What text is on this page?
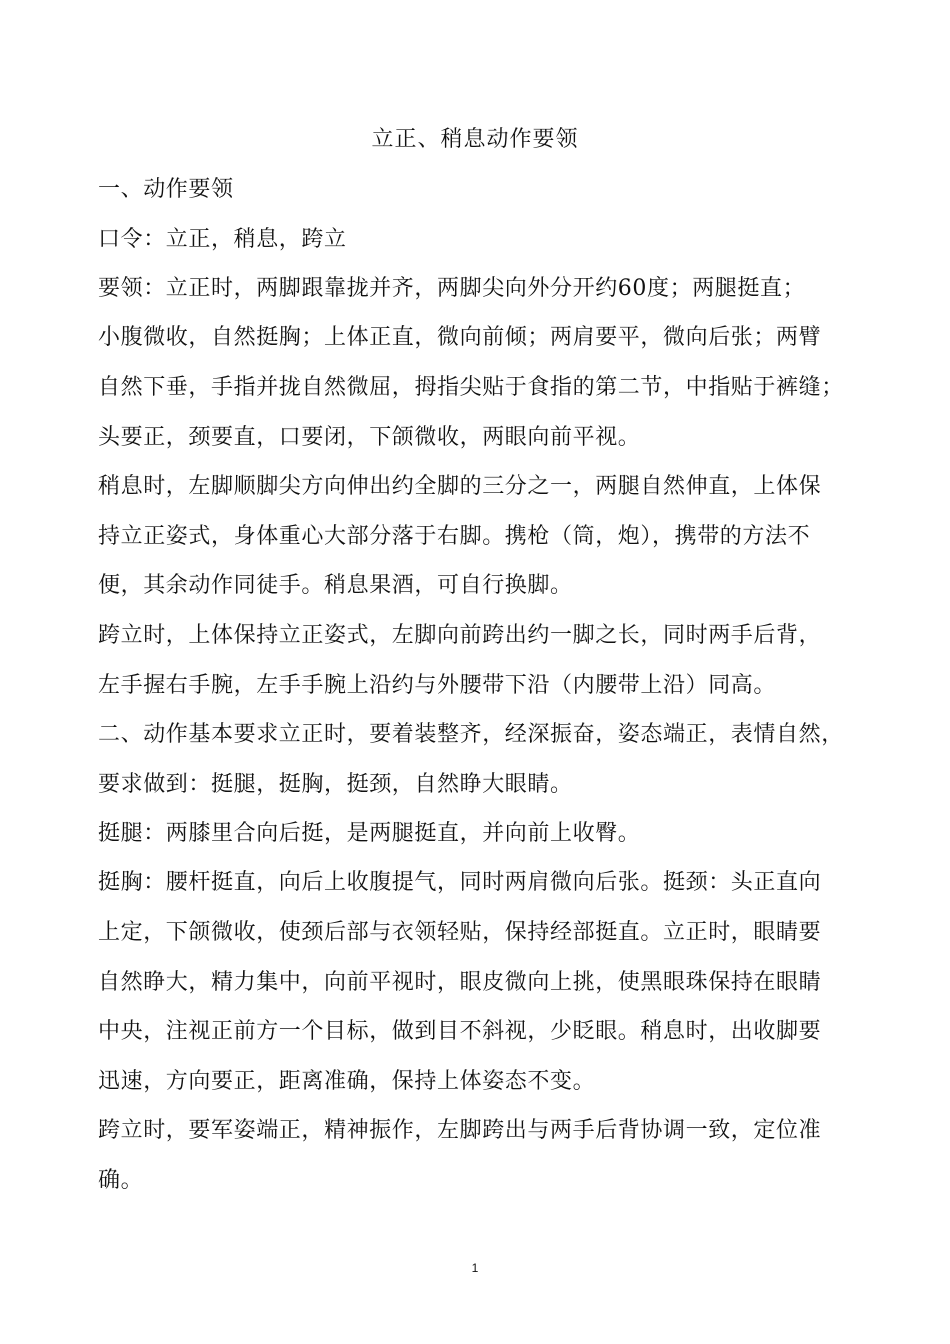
立正、稍息动作要领
一、动作要领
口令：立正，稍息，跨立
要领：立正时，两脚跟靠拢并齐，两脚尖向外分开约60度；两腿挺直；
小腹微收，自然挺胸；上体正直，微向前倾；两肩要平，微向后张；两臂
自然下垂，手指并拢自然微屈，拇指尖贴于食指的第二节，中指贴于裤缝；
头要正，颈要直，口要闭，下颌微收，两眼向前平视。
稍息时，左脚顺脚尖方向伸出约全脚的三分之一，两腿自然伸直，上体保
持立正姿式，身体重心大部分落于右脚。携枪（筒，炮），携带的方法不
便，其余动作同徒手。稍息果酒，可自行换脚。
跨立时，上体保持立正姿式，左脚向前跨出约一脚之长，同时两手后背，
左手握右手腕，左手手腕上沿约与外腰带下沿（内腰带上沿）同高。
二、动作基本要求立正时，要着装整齐，经深振奋，姿态端正，表情自然，
要求做到：挺腿，挺胸，挺颈，自然睁大眼睛。
挺腿：两膝里合向后挺，是两腿挺直，并向前上收臀。
挺胸：腰杆挺直，向后上收腹提气，同时两肩微向后张。挺颈：头正直向
上定，下颌微收，使颈后部与衣领轻贴，保持经部挺直。立正时，眼睛要
自然睁大，精力集中，向前平视时，眼皮微向上挑，使黑眼珠保持在眼睛
中央，注视正前方一个目标，做到目不斜视，少眨眼。稍息时，出收脚要
迅速，方向要正，距离准确，保持上体姿态不变。
跨立时，要军姿端正，精神振作，左脚跨出与两手后背协调一致，定位准
确。
1
